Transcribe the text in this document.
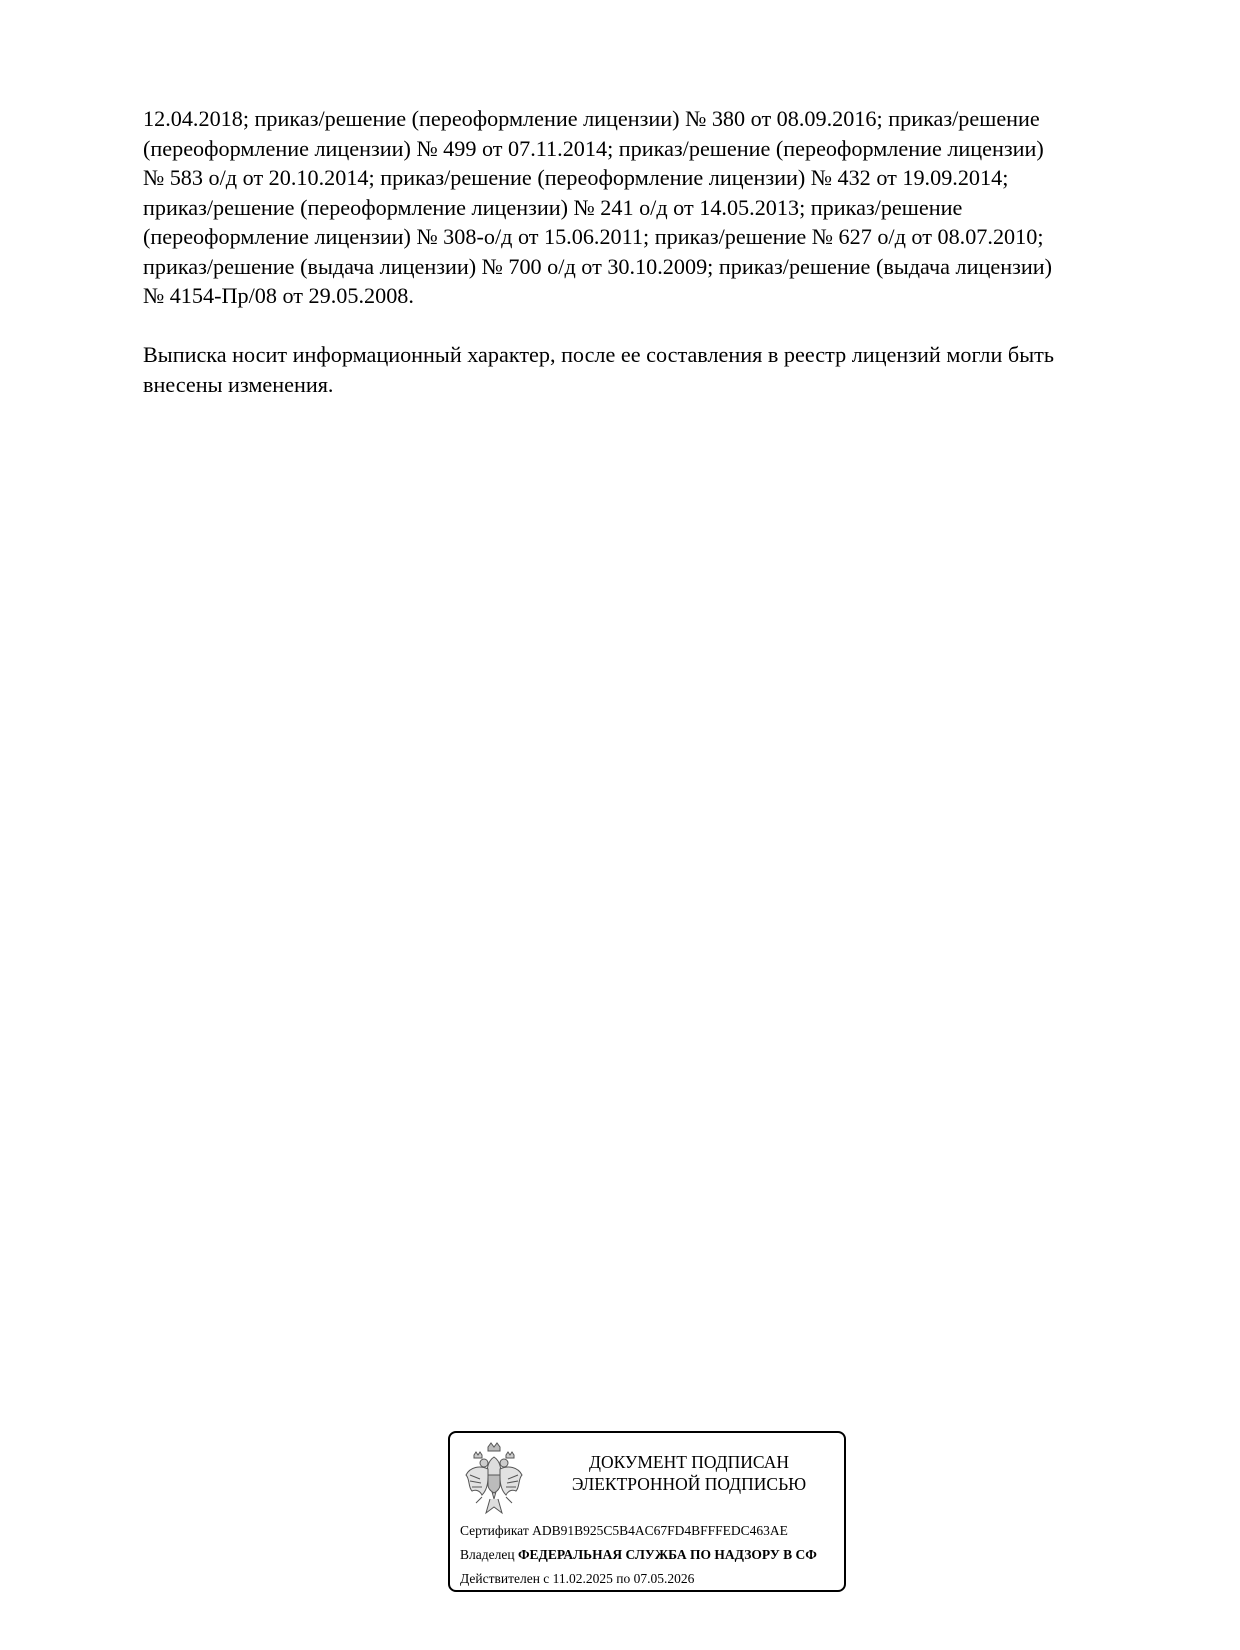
12.04.2018; приказ/решение (переоформление лицензии) № 380 от 08.09.2016; приказ/решение
(переоформление лицензии) № 499 от 07.11.2014; приказ/решение (переоформление лицензии)
№ 583 о/д от 20.10.2014; приказ/решение (переоформление лицензии) № 432 от 19.09.2014;
приказ/решение (переоформление лицензии) № 241 о/д от 14.05.2013; приказ/решение
(переоформление лицензии) № 308-о/д от 15.06.2011; приказ/решение № 627 о/д от 08.07.2010;
приказ/решение (выдача лицензии) № 700 о/д от 30.10.2009; приказ/решение (выдача лицензии)
№ 4154-Пр/08 от 29.05.2008.
Выписка носит информационный характер, после ее составления в реестр лицензий могли быть
внесены изменения.
ДОКУМЕНТ ПОДПИСАН
ЭЛЕКТРОННОЙ ПОДПИСЬЮ
Сертификат ADB91B925C5B4AC67FD4BFFFEDC463AE
Владелец ФЕДЕРАЛЬНАЯ СЛУЖБА ПО НАДЗОРУ В СФ
Действителен с 11.02.2025 по 07.05.2026
